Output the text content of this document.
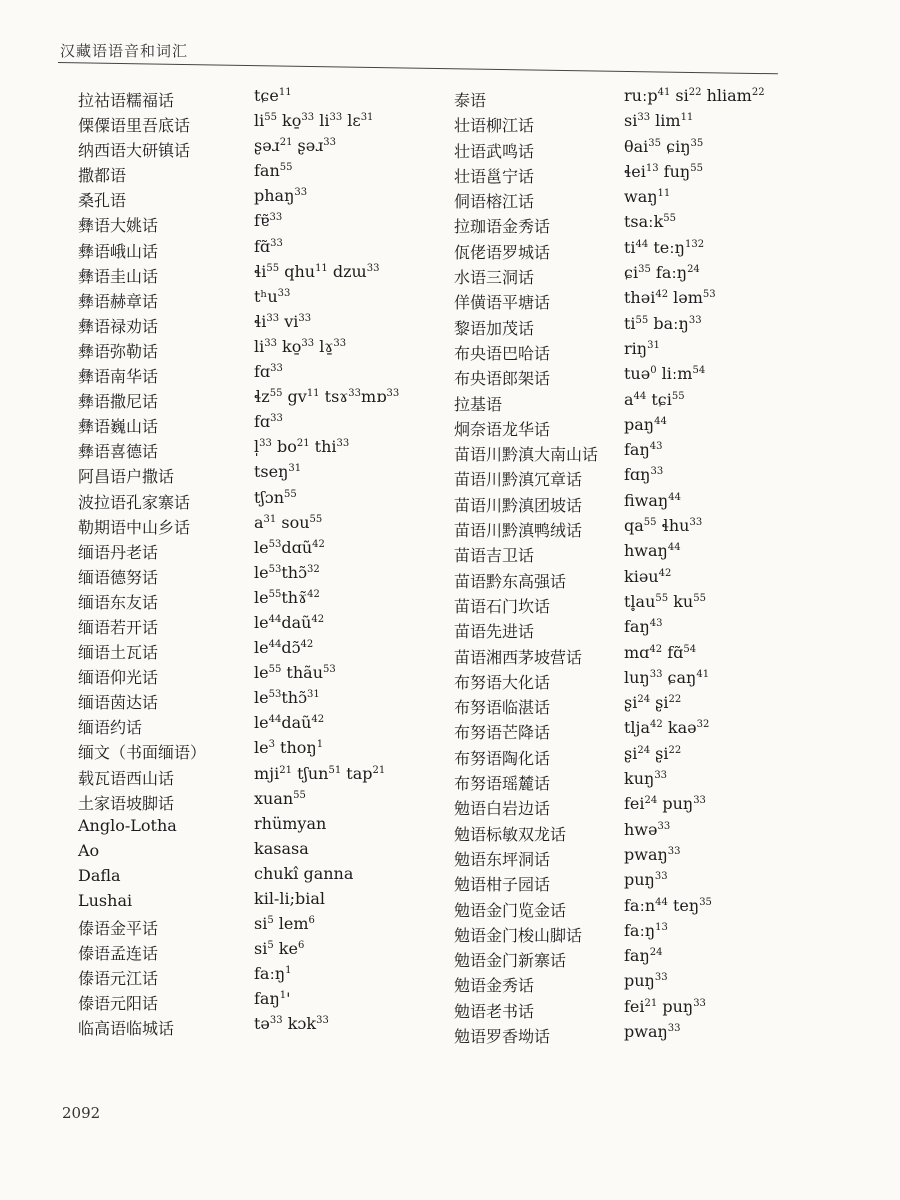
汉藏语语音和词汇
拉祜语糯福话	tɕe$^{11}$
傈僳语里吾底话	$li^{55}$ ko̱$^{33}$ $li^{33}$ lɛ$^{31}$
纳西语大研镇话	ʂəɹ$^{21}$ ʂəɹ$^{33}$
撒都语	fan$^{55}$
桑孔语	phaŋ$^{33}$
彝语大姚话	fɐ̃$^{33}$
彝语峨山话	fɑ̃$^{33}$
彝语圭山话	ɬi$^{55}$ qhu$^{11}$ dzɯ$^{33}$
彝语赫章话	tʰu$^{33}$
彝语禄劝话	ɬi$^{33}$ $vi^{33}$
彝语弥勒话	$li^{33}$ ko̱$^{33}$ lɤ̱$^{33}$
彝语南华话	fɑ$^{33}$
彝语撒尼话	ɬz$^{55}$ $gv^{11}$ tsɤ$^{33}$mɒ$^{33}$
彝语巍山话	fɑ$^{33}$
彝语喜德话	l̩$^{33}$ $bo^{21}$ thi$^{33}$
阿昌语户撒话	tseŋ$^{31}$
波拉语孔家寨话	tʃɔn$^{55}$
勒期语中山乡话	$a^{31}$ sou$^{55}$
缅语丹老话	$le^{53}dɑũ^{42}$
缅语德努话	$le^{53}thɔ̃^{32}$
缅语东友话	$le^{55}thɤ̃^{42}$
缅语若开话	$le^{44}daũ^{42}$
缅语土瓦话	$le^{44}dɔ̃^{42}$
缅语仰光话	$le^{55}$ thãu$^{53}$
缅语茵达话	$le^{53}thɔ̃^{31}$
缅语约话	$le^{44}daũ^{42}$
缅文（书面缅语）	$le^3$ thoŋ$^1$
载瓦语西山话	mji$^{21}$ tʃun$^{51}$ tap$^{21}$
土家语坡脚话	xuan$^{55}$
Anglo-Lotha	rhümyan
Ao	kasasa
Dafla	chukî ganna
Lushai	kil-li;bial
傣语金平话	$si^5$ lem$^6$
傣语孟连话	$si^5$ $ke^6$
傣语元江话	faːŋ$^1$
傣语元阳话	faŋ$^1$'
临高语临城话	tə$^{33}$ kɔk$^{33}$
泰语	ruːp$^{41}$ $si^{22}$ hliam$^{22}$
壮语柳江话	$si^{33}$ $\lim^{11}$
壮语武鸣话	θai$^{35}$ ɕiŋ$^{35}$
壮语邕宁话	ɬei$^{13}$ fuŋ$^{55}$
侗语榕江话	waŋ$^{11}$
拉珈语金秀话	tsaːk$^{55}$
佤佬语罗城话	$ti^{44}$ teːŋ$^{132}$
水语三洞话	ɕi$^{35}$ faːŋ$^{24}$
佯僙语平塘话	thəi$^{42}$ ləm$^{53}$
黎语加茂话	$ti^{55}$ baːŋ$^{33}$
布央语巴哈话	riŋ$^{31}$
布央语郎架话	tuə$^0$ liːm$^{54}$
拉基语	$a^{44}$ tɕi$^{55}$
炯奈语龙华话	paŋ$^{44}$
苗语川黔滇大南山话 faŋ$^{43}$
苗语川黔滇冗章话	fɑŋ$^{33}$
苗语川黔滇团坡话	fiwaŋ$^{44}$
苗语川黔滇鸭绒话	$qa^{55}$ ɬhu$^{33}$
苗语吉卫话	hwaŋ$^{44}$
苗语黔东高强话	kiəu$^{42}$
苗语石门坎话	$tl̥au^{55}$ $ku^{55}$
苗语先进话	faŋ$^{43}$
苗语湘西茅坡营话	mɑ$^{42}$ fɑ̃$^{54}$
布努语大化话	luŋ$^{33}$ ɕaŋ$^{41}$
布努语临湛话	ʂi$^{24}$ ʂi$^{22}$
布努语芒降话	tlja$^{42}$ kaə$^{32}$
布努语陶化话	ʂi$^{24}$ ʂi$^{22}$
布努语瑶麓话	kuŋ$^{33}$
勉语白岩边话	fei$^{24}$ puŋ$^{33}$
勉语标敏双龙话	hwə$^{33}$
勉语东坪洞话	pwaŋ$^{33}$
勉语柑子园话	puŋ$^{33}$
勉语金门览金话	faːn$^{44}$ teŋ$^{35}$
勉语金门梭山脚话	faːŋ$^{13}$
勉语金门新寨话	faŋ$^{24}$
勉语金秀话	puŋ$^{33}$
勉语老书话	fei$^{21}$ puŋ$^{33}$
勉语罗香坳话	pwaŋ$^{33}$
2092
